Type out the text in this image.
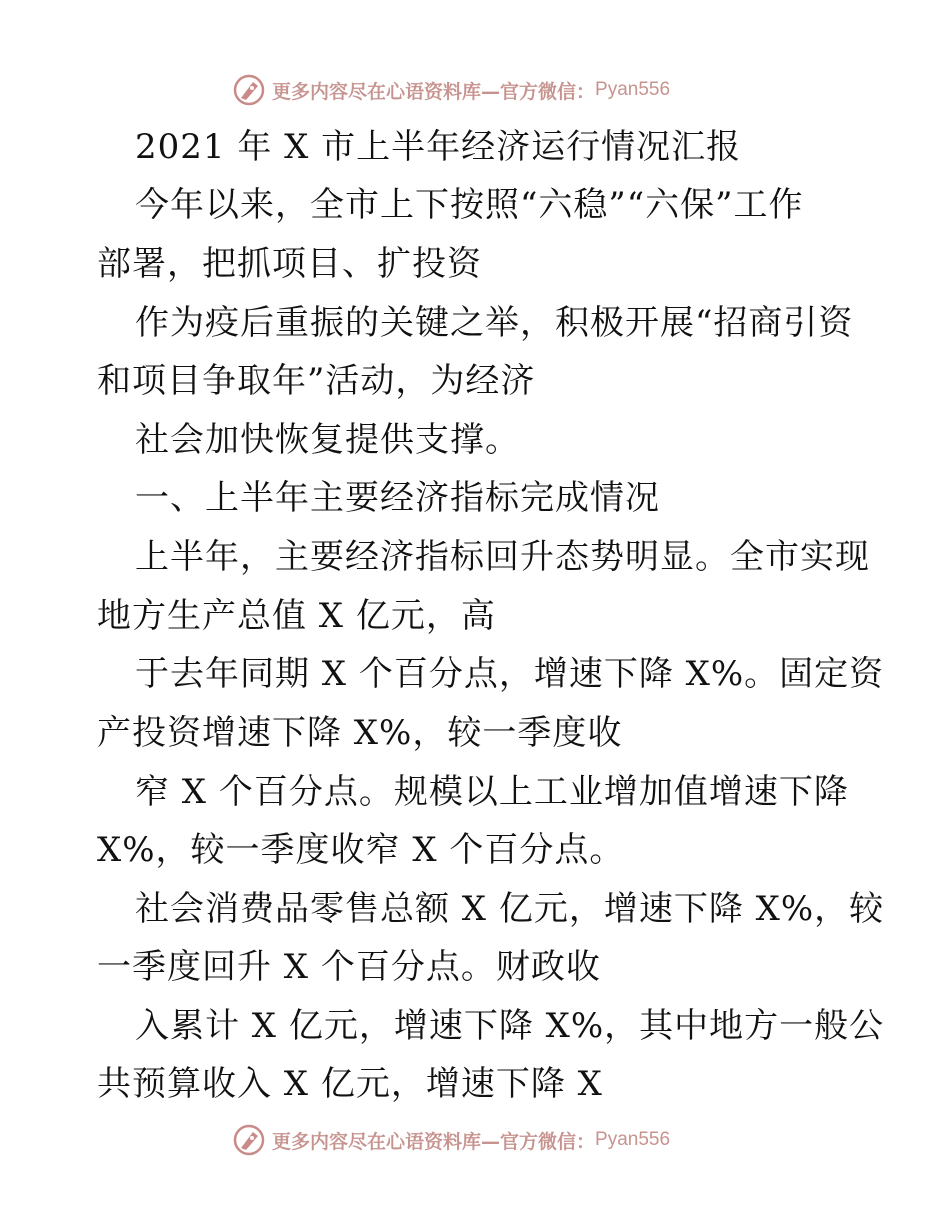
更多内容尽在心语资料库—官方微信： Pyan556
2021 年 X 市上半年经济运行情况汇报
今年以来，全市上下按照“六稳”“六保”工作
部署，把抓项目、扩投资
作为疫后重振的关键之举，积极开展“招商引资
和项目争取年”活动，为经济
社会加快恢复提供支撑。
一、上半年主要经济指标完成情况
上半年，主要经济指标回升态势明显。全市实现
地方生产总值 X 亿元，高
于去年同期 X 个百分点，增速下降 X%。固定资
产投资增速下降 X%，较一季度收
窄 X 个百分点。规模以上工业增加值增速下降
X%，较一季度收窄 X 个百分点。
社会消费品零售总额 X 亿元，增速下降 X%，较
一季度回升 X 个百分点。财政收
入累计 X 亿元，增速下降 X%，其中地方一般公
共预算收入 X 亿元，增速下降 X
更多内容尽在心语资料库—官方微信： Pyan556
